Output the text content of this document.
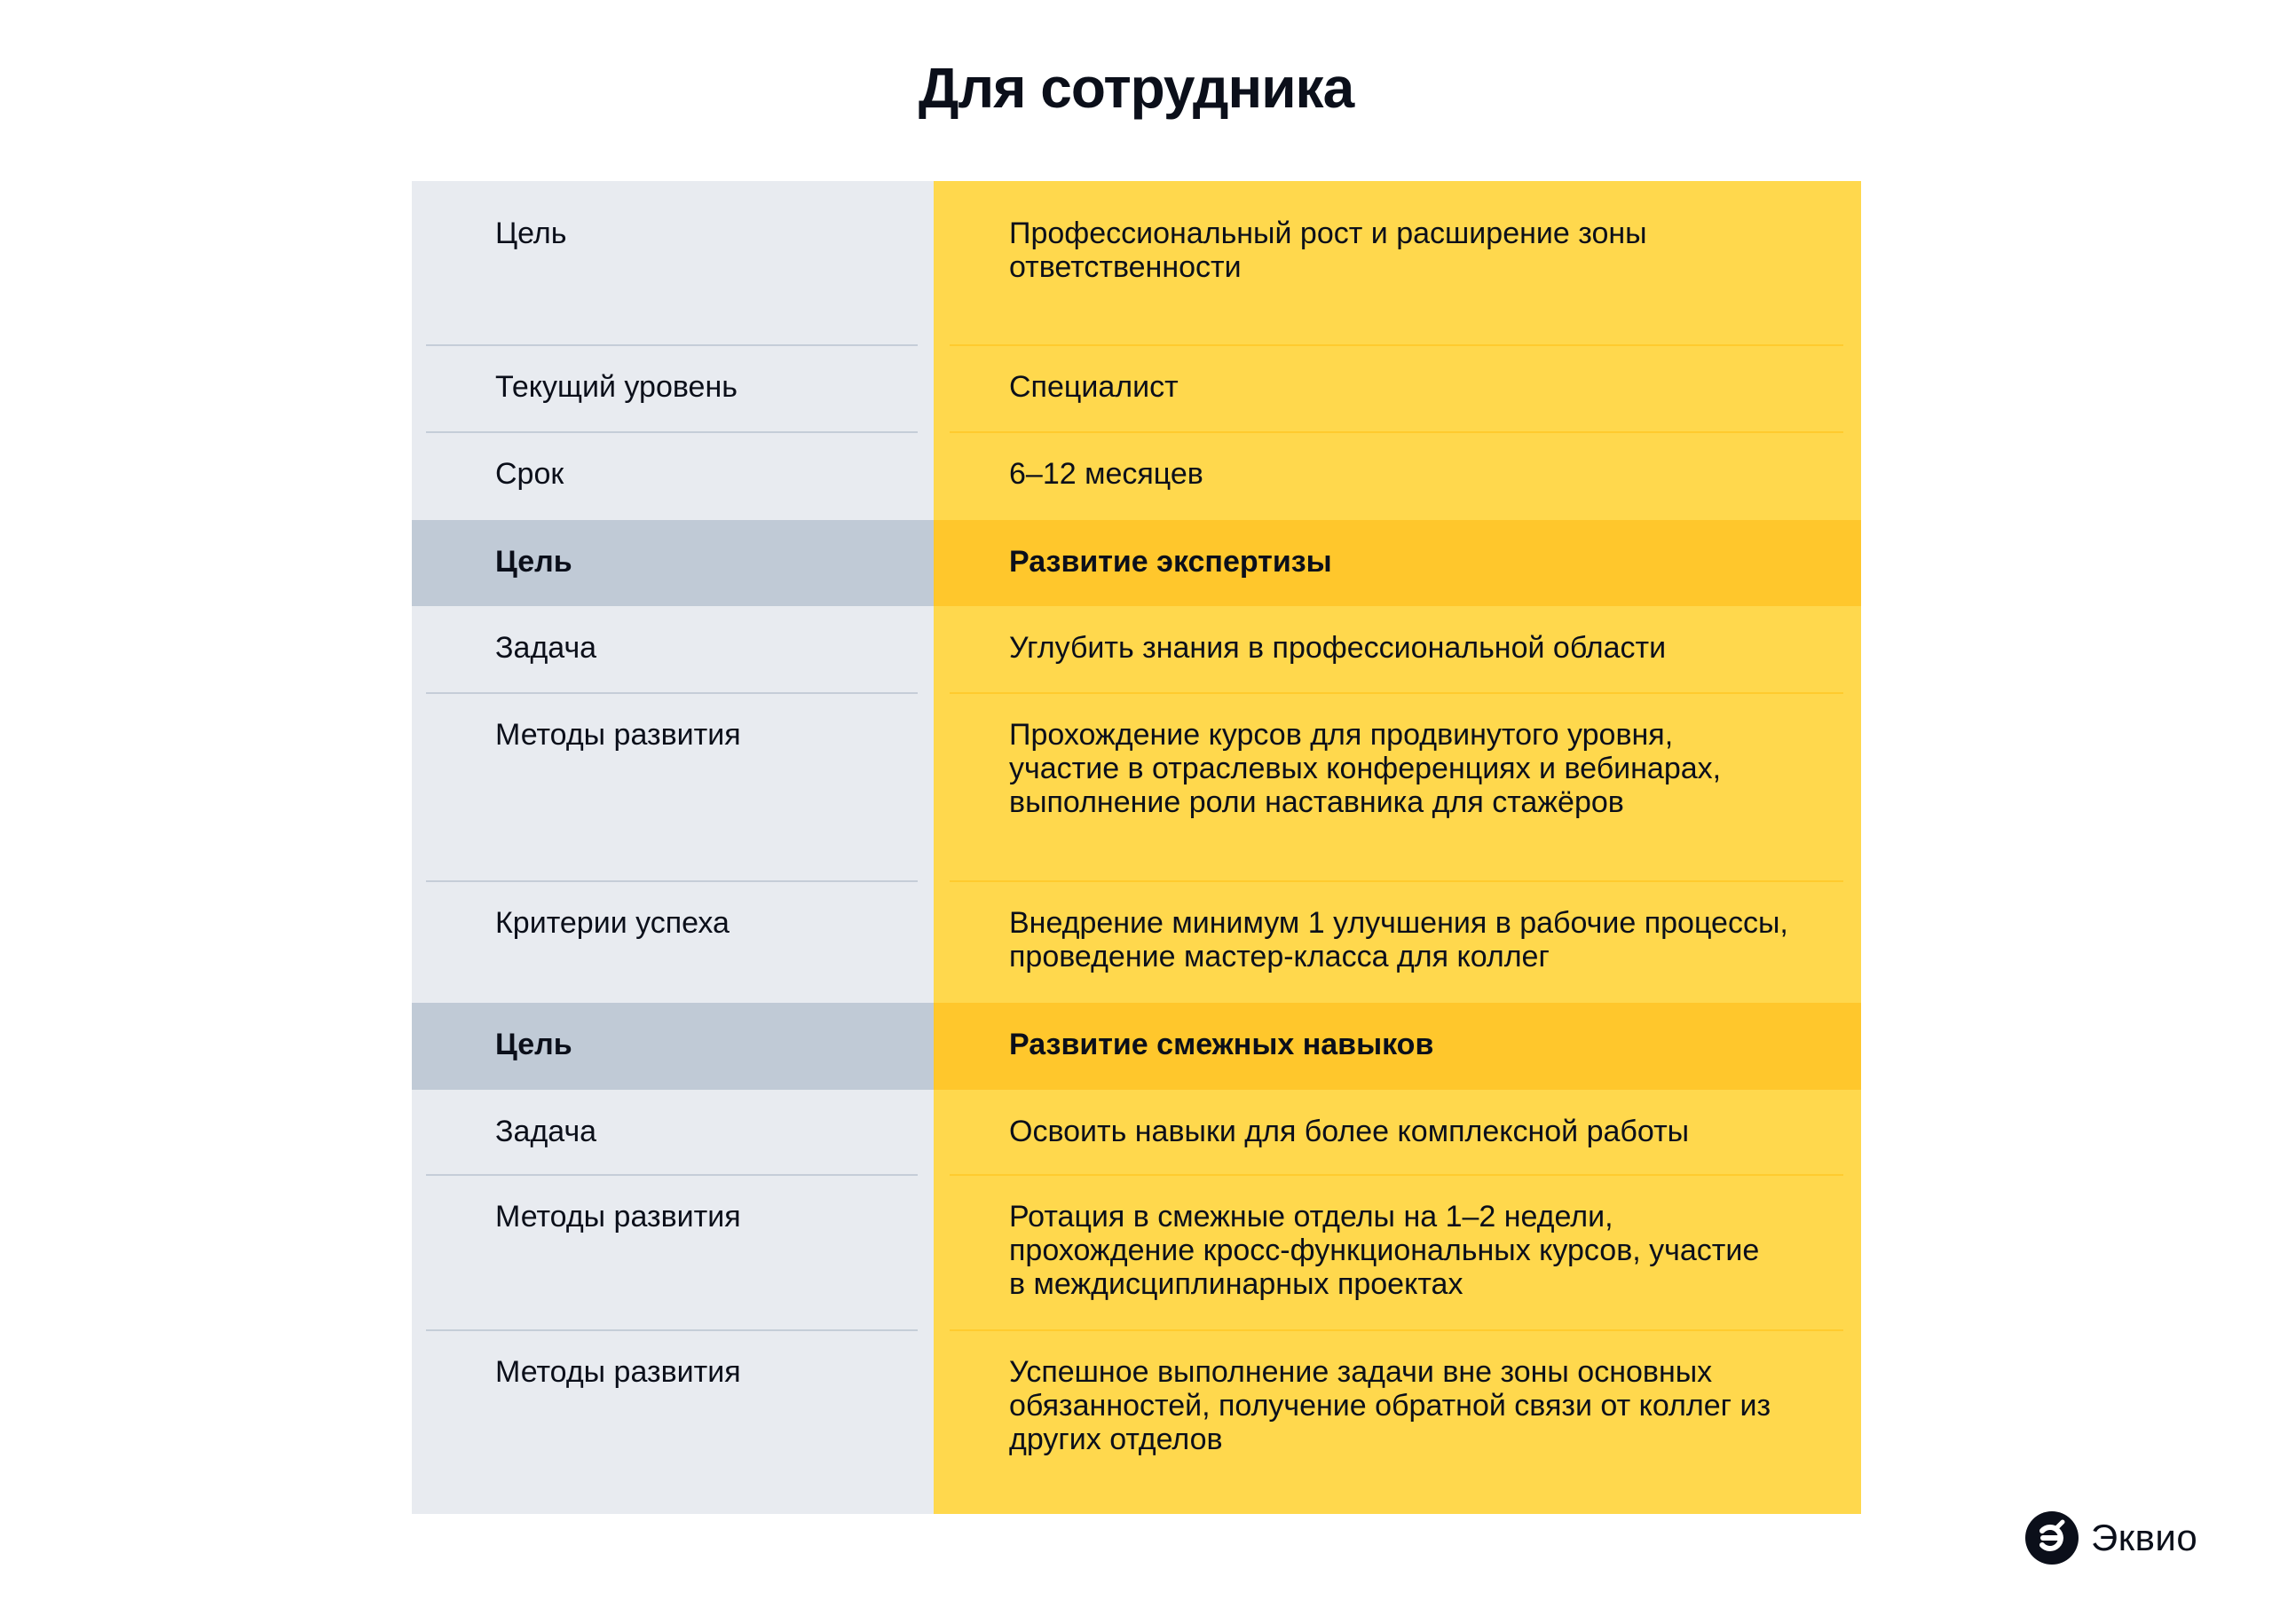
Для сотрудника
Цель	Профессиональный рост и расширение зоны ответственности
Текущий уровень	Специалист
Срок	6–12 месяцев
Цель	Развитие экспертизы
Задача	Углубить знания в профессиональной области
Методы развития	Прохождение курсов для продвинутого уровня, участие в отраслевых конференциях и вебинарах, выполнение роли наставника для стажёров
Критерии успеха	Внедрение минимум 1 улучшения в рабочие процессы, проведение мастер-класса для коллег
Цель	Развитие смежных навыков
Задача	Освоить навыки для более комплексной работы
Методы развития	Ротация в смежные отделы на 1–2 недели, прохождение кросс-функциональных курсов, участие в междисциплинарных проектах
Методы развития	Успешное выполнение задачи вне зоны основных обязанностей, получение обратной связи от коллег из других отделов
Эквио
